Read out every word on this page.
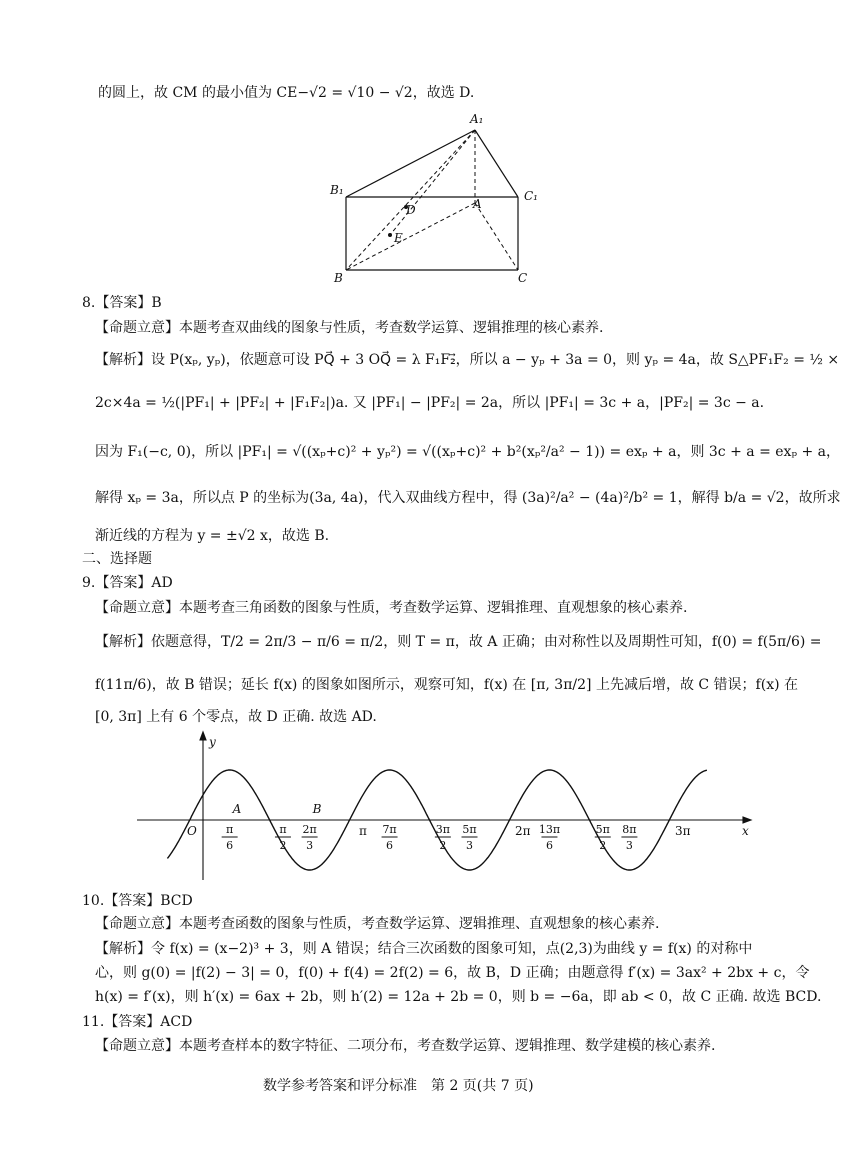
的圆上，故 CM 的最小值为 CE−√2 = √10 − √2，故选 D.
A₁
B₁	C₁
D	A
E
B	C
8.【答案】B
【命题立意】本题考查双曲线的图象与性质，考查数学运算、逻辑推理的核心素养.
【解析】设 P(xₚ, yₚ)，依题意可设 PQ⃗ + 3 OQ⃗ = λ F₁F₂⃗，所以 a − yₚ + 3a = 0，则 yₚ = 4a，故 S△PF₁F₂ = ½ ×
2c×4a = ½(|PF₁| + |PF₂| + |F₁F₂|)a. 又 |PF₁| − |PF₂| = 2a，所以 |PF₁| = 3c + a，|PF₂| = 3c − a.
因为 F₁(−c, 0)，所以 |PF₁| = √((xₚ+c)² + yₚ²) = √((xₚ+c)² + b²(xₚ²/a² − 1)) = exₚ + a，则 3c + a = exₚ + a，
解得 xₚ = 3a，所以点 P 的坐标为(3a, 4a)，代入双曲线方程中，得 (3a)²/a² − (4a)²/b² = 1，解得 b/a = √2，故所求
渐近线的方程为 y = ±√2 x，故选 B.
二、选择题
9.【答案】AD
【命题立意】本题考查三角函数的图象与性质，考查数学运算、逻辑推理、直观想象的核心素养.
【解析】依题意得，T/2 = 2π/3 − π/6 = π/2，则 T = π，故 A 正确；由对称性以及周期性可知，f(0) = f(5π/6) =
f(11π/6)，故 B 错误；延长 f(x) 的图象如图所示，观察可知，f(x) 在 [π, 3π/2] 上先减后增，故 C 错误；f(x) 在
[0, 3π] 上有 6 个零点，故 D 正确. 故选 AD.
x
y
O	π
6
π
2
2π
3
π 7π
6
3π
2
5π
3
2π 13π
6
5π
2
8π
3
3π
A	B
10.【答案】BCD
【命题立意】本题考查函数的图象与性质，考查数学运算、逻辑推理、直观想象的核心素养.
【解析】令 f(x) = (x−2)³ + 3，则 A 错误；结合三次函数的图象可知，点(2,3)为曲线 y = f(x) 的对称中
心，则 g(0) = |f(2) − 3| = 0，f(0) + f(4) = 2f(2) = 6，故 B，D 正确；由题意得 f′(x) = 3ax² + 2bx + c，令
h(x) = f′(x)，则 h′(x) = 6ax + 2b，则 h′(2) = 12a + 2b = 0，则 b = −6a，即 ab < 0，故 C 正确. 故选 BCD.
11.【答案】ACD
【命题立意】本题考查样本的数字特征、二项分布，考查数学运算、逻辑推理、数学建模的核心素养.
数学参考答案和评分标准　第 2 页(共 7 页)
